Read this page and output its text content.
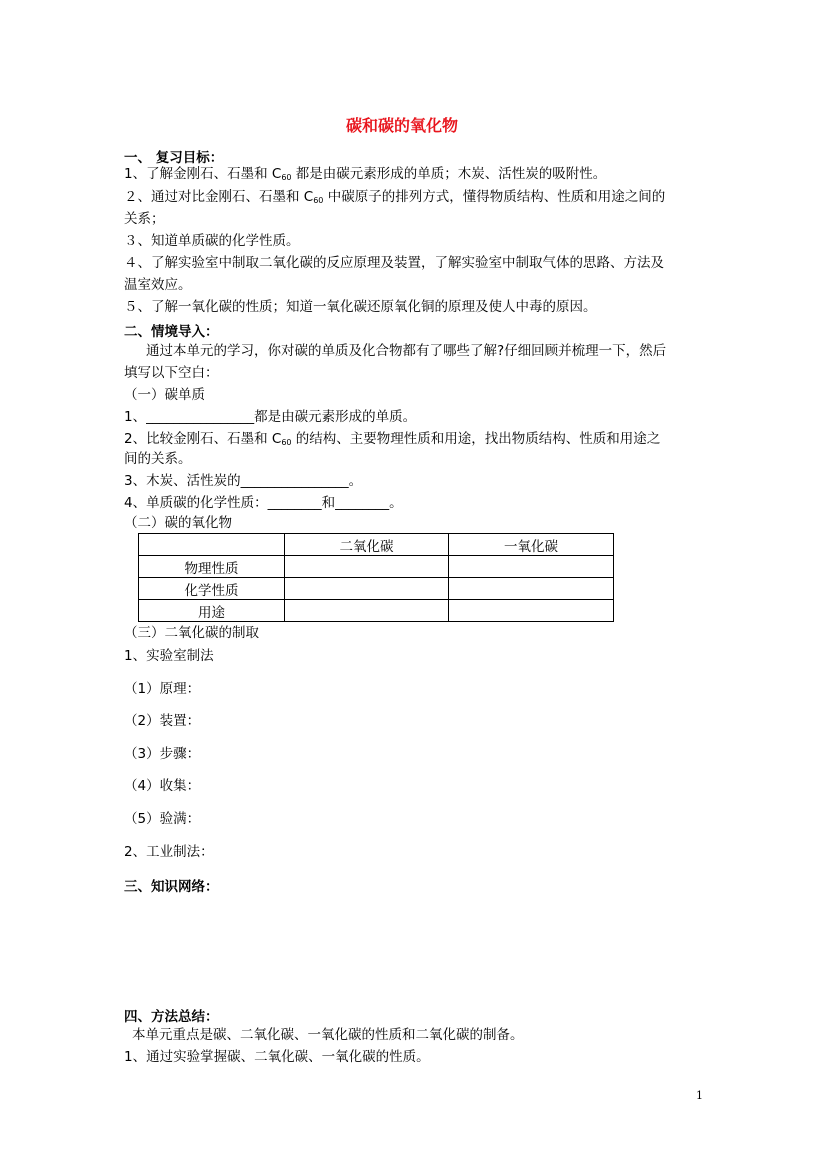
碳和碳的氧化物
一、 复习目标：
1、了解金刚石、石墨和 $C_{60}$ 都是由碳元素形成的单质；木炭、活性炭的吸附性。
２、通过对比金刚石、石墨和 $C_{60}$ 中碳原子的排列方式，懂得物质结构、性质和用途之间的
关系；
３、知道单质碳的化学性质。
４、了解实验室中制取二氧化碳的反应原理及装置，了解实验室中制取气体的思路、方法及
温室效应。
５、了解一氧化碳的性质；知道一氧化碳还原氧化铜的原理及使人中毒的原因。
二、情境导入：
通过本单元的学习，你对碳的单质及化合物都有了哪些了解?仔细回顾并梳理一下，然后
填写以下空白：
（一）碳单质
1、________________都是由碳元素形成的单质。
2、比较金刚石、石墨和 $C_{60}$ 的结构、主要物理性质和用途，找出物质结构、性质和用途之
间的关系。
3、木炭、活性炭的________________。
4、单质碳的化学性质：________和________。
（二）碳的氧化物
	二氧化碳	一氧化碳
物理性质		
化学性质		
用途		
（三）二氧化碳的制取
1、实验室制法
（1）原理：
（2）装置：
（3）步骤：
（4）收集：
（5）验满：
2、工业制法：
三、知识网络：
四、方法总结：
本单元重点是碳、二氧化碳、一氧化碳的性质和二氧化碳的制备。
1、通过实验掌握碳、二氧化碳、一氧化碳的性质。
1
